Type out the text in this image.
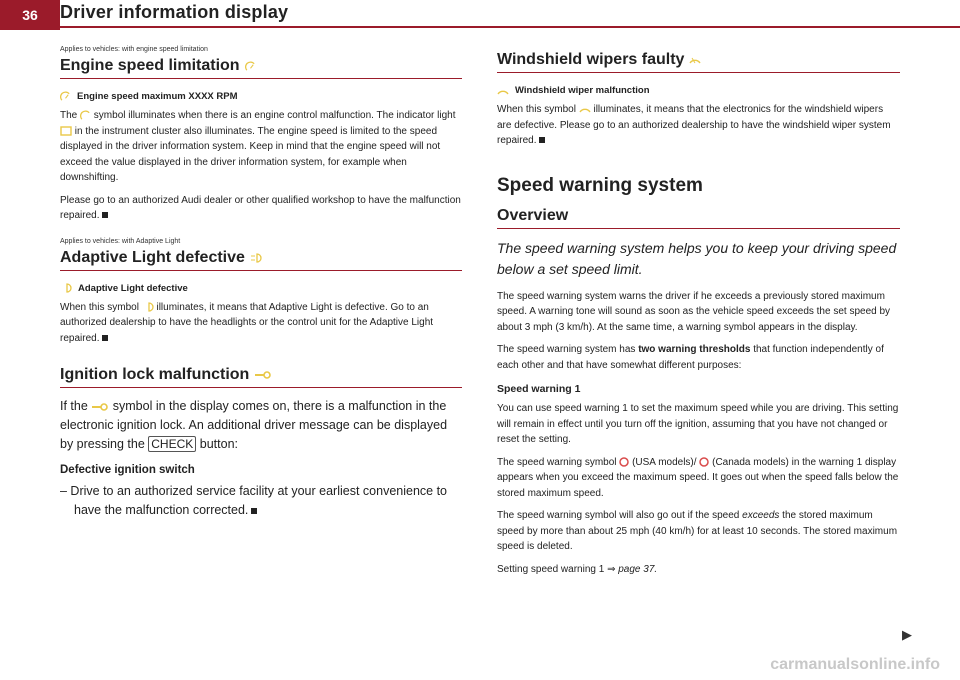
36	Driver information display
Applies to vehicles: with engine speed limitation
Engine speed limitation
Engine speed maximum XXXX RPM

The symbol illuminates when there is an engine control malfunction. The indicator light  in the instrument cluster also illuminates. The engine speed is limited to the speed displayed in the driver information system. Keep in mind that the engine speed will not exceed the value displayed in the driver information system, for example when downshifting.

Please go to an authorized Audi dealer or other qualified workshop to have the malfunction repaired.

Applies to vehicles: with Adaptive Light
Adaptive Light defective
Adaptive Light defective

When this symbol illuminates, it means that Adaptive Light is defective. Go to an authorized dealership to have the headlights or the control unit for the Adaptive Light repaired.

Ignition lock malfunction

If the symbol in the display comes on, there is a malfunction in the electronic ignition lock. An additional driver message can be displayed by pressing the CHECK button:

Defective ignition switch

– Drive to an authorized service facility at your earliest convenience to have the malfunction corrected.

Windshield wipers faulty
Windshield wiper malfunction

When this symbol illuminates, it means that the electronics for the windshield wipers are defective. Please go to an authorized dealership to have the windshield wiper system repaired.

Speed warning system
Overview

The speed warning system helps you to keep your driving speed below a set speed limit.

The speed warning system warns the driver if he exceeds a previously stored maximum speed. A warning tone will sound as soon as the vehicle speed exceeds the set speed by about 3 mph (3 km/h). At the same time, a warning symbol appears in the display.

The speed warning system has two warning thresholds that function independently of each other and that have somewhat different purposes:

Speed warning 1

You can use speed warning 1 to set the maximum speed while you are driving. This setting will remain in effect until you turn off the ignition, assuming that you have not changed or reset the setting.

The speed warning symbol (USA models)/ (Canada models) in the warning 1 display appears when you exceed the maximum speed. It goes out when the speed falls below the stored maximum speed.

The speed warning symbol will also go out if the speed exceeds the stored maximum speed by more than about 25 mph (40 km/h) for at least 10 seconds. The stored maximum speed is deleted.

Setting speed warning 1 ⇒ page 37.

▶
carmanualsonline.info
